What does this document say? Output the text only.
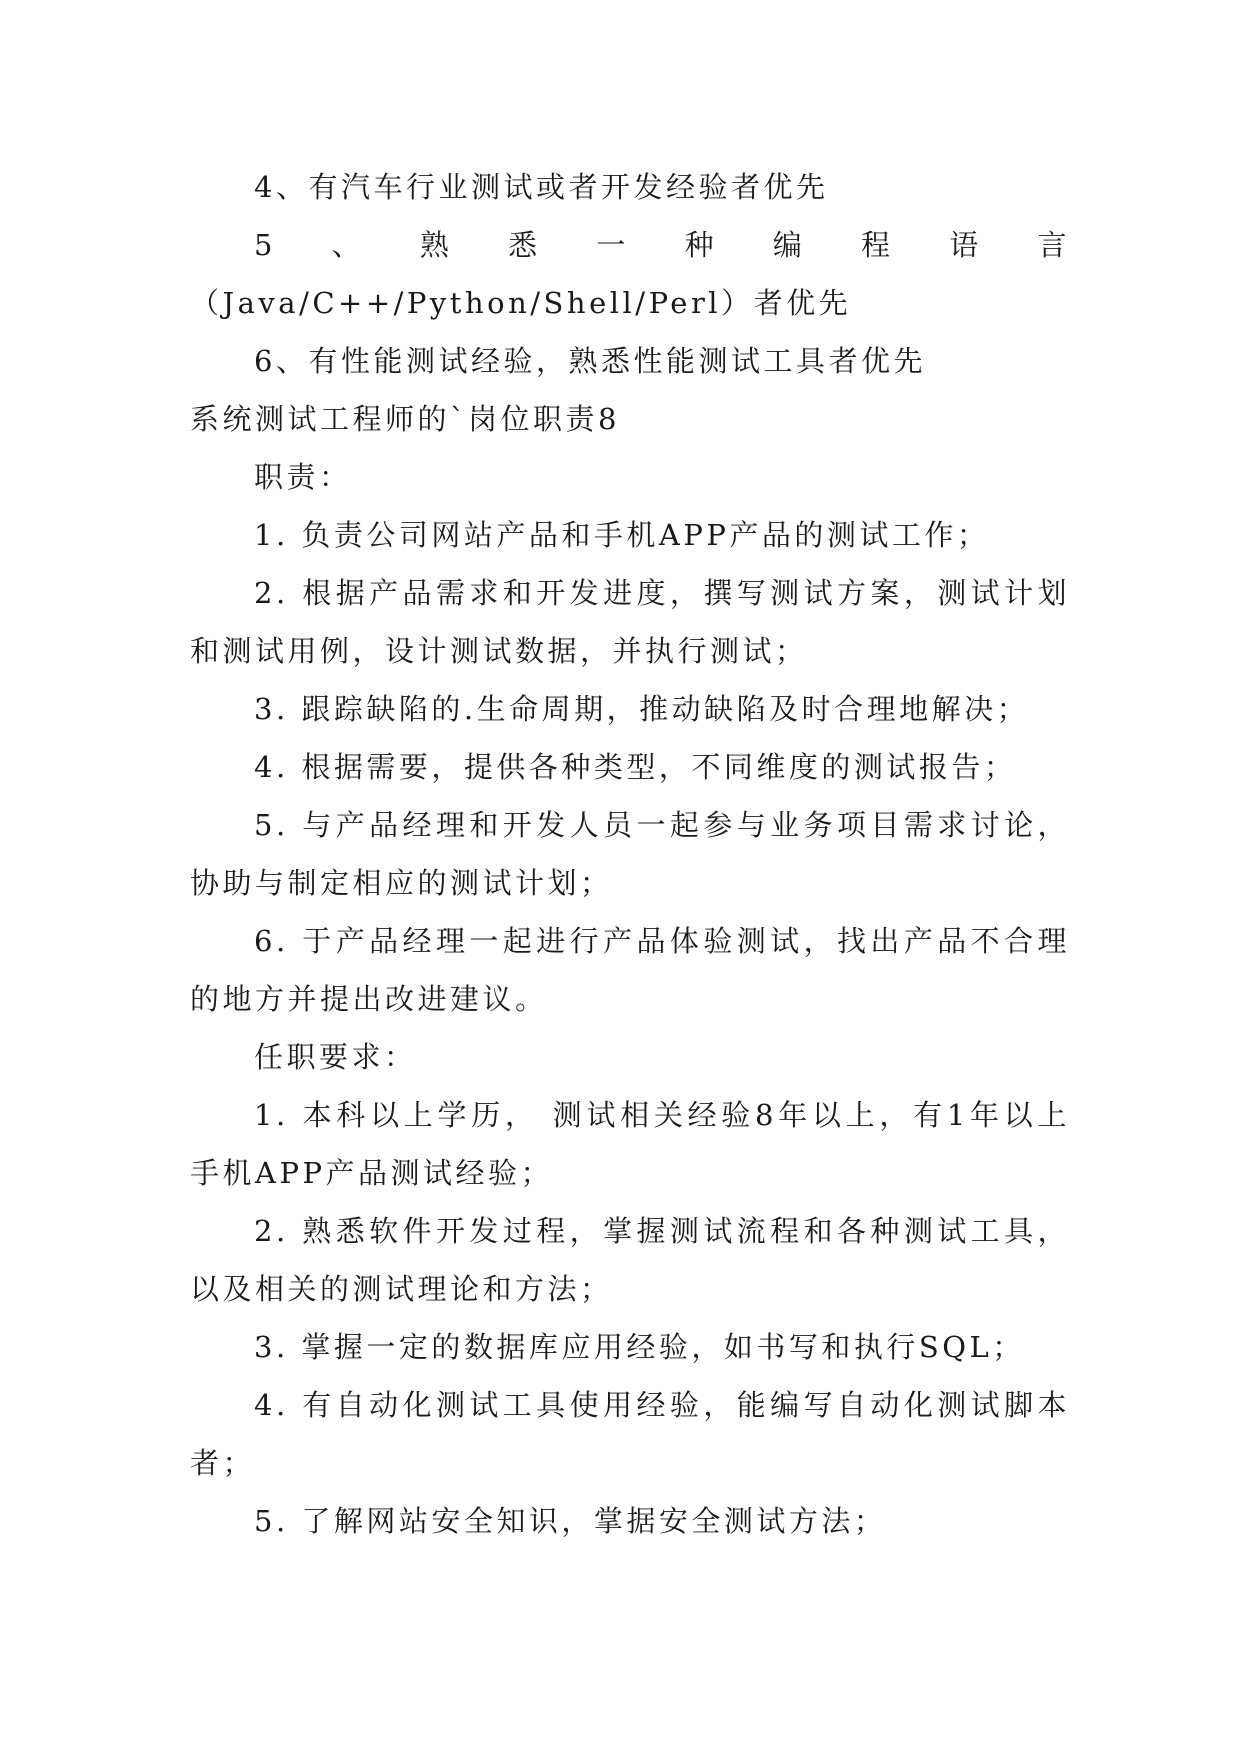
4、有汽车行业测试或者开发经验者优先

5、熟悉一种编程语言（Java/C++/Python/Shell/Perl）者优先

6、有性能测试经验，熟悉性能测试工具者优先

系统测试工程师的`岗位职责8

职责：

1. 负责公司网站产品和手机APP产品的测试工作；

2. 根据产品需求和开发进度，撰写测试方案，测试计划和测试用例，设计测试数据，并执行测试；

3. 跟踪缺陷的.生命周期，推动缺陷及时合理地解决；

4. 根据需要，提供各种类型，不同维度的测试报告；

5. 与产品经理和开发人员一起参与业务项目需求讨论，协助与制定相应的测试计划；

6. 于产品经理一起进行产品体验测试，找出产品不合理的地方并提出改进建议。

任职要求：

1. 本科以上学历， 测试相关经验8年以上，有1年以上手机APP产品测试经验；

2. 熟悉软件开发过程，掌握测试流程和各种测试工具，以及相关的测试理论和方法；

3. 掌握一定的数据库应用经验，如书写和执行SQL；

4. 有自动化测试工具使用经验，能编写自动化测试脚本者；

5. 了解网站安全知识，掌据安全测试方法；
